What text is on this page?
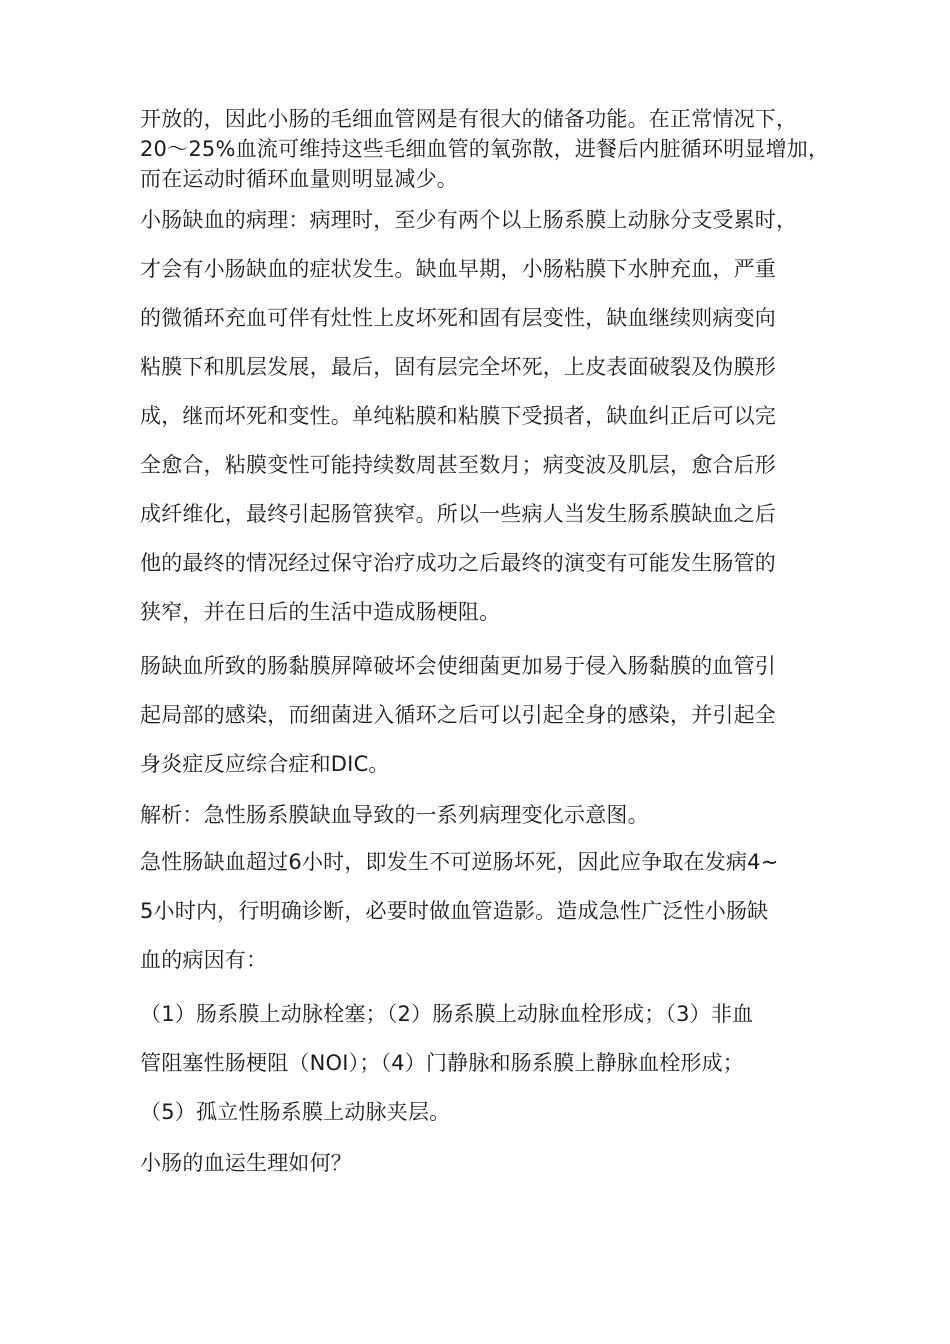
开放的，因此小肠的毛细血管网是有很大的储备功能。在正常情况下，
20～25%血流可维持这些毛细血管的氧弥散，进餐后内脏循环明显增加，
而在运动时循环血量则明显减少。

小肠缺血的病理：病理时，至少有两个以上肠系膜上动脉分支受累时，
才会有小肠缺血的症状发生。缺血早期，小肠粘膜下水肿充血，严重
的微循环充血可伴有灶性上皮坏死和固有层变性，缺血继续则病变向
粘膜下和肌层发展，最后，固有层完全坏死，上皮表面破裂及伪膜形
成，继而坏死和变性。单纯粘膜和粘膜下受损者，缺血纠正后可以完
全愈合，粘膜变性可能持续数周甚至数月；病变波及肌层，愈合后形
成纤维化，最终引起肠管狭窄。所以一些病人当发生肠系膜缺血之后
他的最终的情况经过保守治疗成功之后最终的演变有可能发生肠管的
狭窄，并在日后的生活中造成肠梗阻。

肠缺血所致的肠黏膜屏障破坏会使细菌更加易于侵入肠黏膜的血管引
起局部的感染，而细菌进入循环之后可以引起全身的感染，并引起全
身炎症反应综合症和DIC。

解析：急性肠系膜缺血导致的一系列病理变化示意图。

急性肠缺血超过6小时，即发生不可逆肠坏死，因此应争取在发病4~
5小时内，行明确诊断，必要时做血管造影。造成急性广泛性小肠缺
血的病因有：

（1）肠系膜上动脉栓塞；（2）肠系膜上动脉血栓形成；（3）非血
管阻塞性肠梗阻（NOI）；（4）门静脉和肠系膜上静脉血栓形成；
（5）孤立性肠系膜上动脉夹层。

小肠的血运生理如何？
